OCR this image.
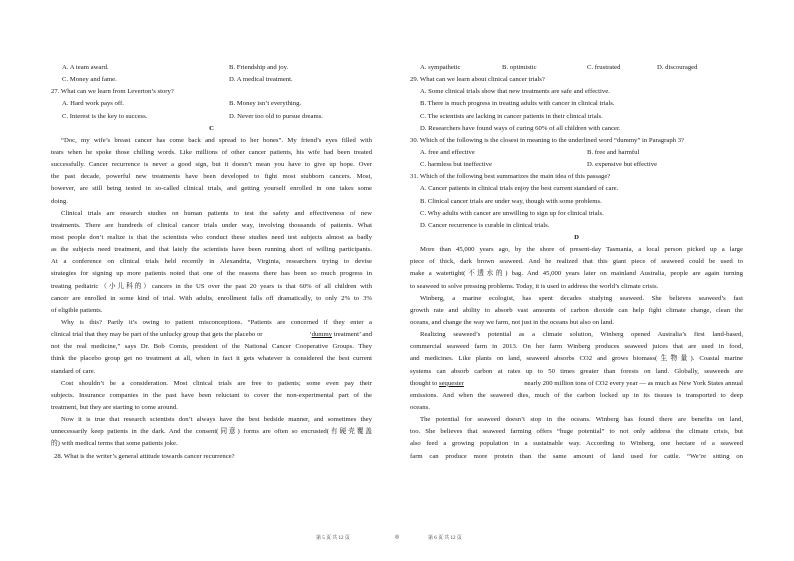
A. A team award.	B. Friendship and joy.
C. Money and fame.	D. A medical treatment.
27. What can we learn from Leverton’s story?
A. Hard work pays off.	B. Money isn’t everything.
C. Interest is the key to success.	D. Never too old to pursue dreams.
C
“Doc, my wife’s breast cancer has come back and spread to her bones”. My friend’s eyes filled with
tears when he spoke those chilling words. Like millions of other cancer patients, his wife had been treated
successfully. Cancer recurrence is never a good sign, but it doesn’t mean you have to give up hope. Over
the past decade, powerful new treatments have been developed to fight most stubborn cancers. Most,
however, are still being tested in so-called clinical trials, and getting yourself enrolled in one takes some
doing.
Clinical trials are research studies on human patients to test the safety and effectiveness of new
treatments. There are hundreds of clinical cancer trials under way, involving thousands of patients. What
most people don’t realize is that the scientists who conduct these studies need test subjects almost as badly
as the subjects need treatment, and that lately the scientists have been running short of willing participants.
At a conference on clinical trials held recently in Alexandria, Virginia, researchers trying to devise
strategies for signing up more patients noted that one of the reasons there has been so much progress in
treating pediatric（小儿科的）cancers in the US over the past 20 years is that 60% of all children with
cancer are enrolled in some kind of trial. With adults, enrollment falls off dramatically, to only 2% to 3%
of eligible patients.
Why is this? Partly it’s owing to patient misconceptions. “Patients are concerned if they enter a
clinical trial that they may be part of the unlucky group that gets the placebo or	‘dummy treatment’ and
not the real medicine,” says Dr. Bob Comis, president of the National Cancer Cooperative Groups. They
think the placebo group get no treatment at all, when in fact it gets whatever is considered the best current
standard of care.
Cost shouldn’t be a consideration. Most clinical trials are free to patients; some even pay their
subjects. Insurance companies in the past have been reluctant to cover the non-experimental part of the
treatment, but they are starting to come around.
Now it is true that research scientists don’t always have the best bedside manner, and sometimes they
unnecessarily keep patients in the dark. And the consent(同意) forms are often so encrusted(有硬壳覆盖
的) with medical terms that some patients joke.
28. What is the writer’s general attitude towards cancer recurrence?
A. sympathetic	B. optimistic	C. frustrated	D. discouraged
29. What can we learn about clinical cancer trials?
A. Some clinical trials show that new treatments are safe and effective.
B. There is much progress in treating adults with cancer in clinical trials.
C. The scientists are lacking in cancer patients in their clinical trials.
D. Researchers have found ways of curing 60% of all children with cancer.
30. Which of the following is the closest in meaning to the underlined word “dummy” in Paragraph 3?
A. free and effective	B. free and harmful
C. harmless but ineffective	D. expensive but effective
31. Which of the following best summarizes the main idea of this passage?
A. Cancer patients in clinical trials enjoy the best current standard of care.
B. Clinical cancer trials are under way, though with some problems.
C. Why adults with cancer are unwilling to sign up for clinical trials.
D. Cancer recurrence is curable in clinical trials.
D
More than 45,000 years ago, by the shore of present-day Tasmania, a local person picked up a large
piece of thick, dark brown seaweed. And he realized that this giant piece of seaweed could be used to
make a watertight(不透水的) bag. And 45,000 years later on mainland Australia, people are again turning
to seaweed to solve pressing problems. Today, it is used to address the world’s climate crisis.
Winberg, a marine ecologist, has spent decades studying seaweed. She believes seaweed’s fast
growth rate and ability to absorb vast amounts of carbon dioxide can help fight climate change, clean the
oceans, and change the way we farm, not just in the oceans but also on land.
Realizing seaweed’s potential as a climate solution, Winberg opened Australia’s first land-based,
commercial seaweed farm in 2013. On her farm Winberg produces seaweed juices that are used in food,
and medicines. Like plants on land, seaweed absorbs CO2 and grows biomass(生物量). Coastal marine
systems can absorb carbon at rates up to 50 times greater than forests on land. Globally, seaweeds are
thought to sequester	nearly 200 million tons of CO2 every year — as much as New York States annual
emissions. And when the seaweed dies, much of the carbon locked up in its tissues is transported to deep
oceans.
The potential for seaweed doesn’t stop in the oceans. Winberg has found there are benefits on land,
too. She believes that seaweed farming offers “huge potential” to not only address the climate crisis, but
also feed a growing population in a sustainable way. According to Winberg, one hectare of a seaweed
farm can produce more protein than the same amount of land used for cattle. “We’re sitting on
第 5 页 共 12 页	◎	第 6 页 共 12 页
